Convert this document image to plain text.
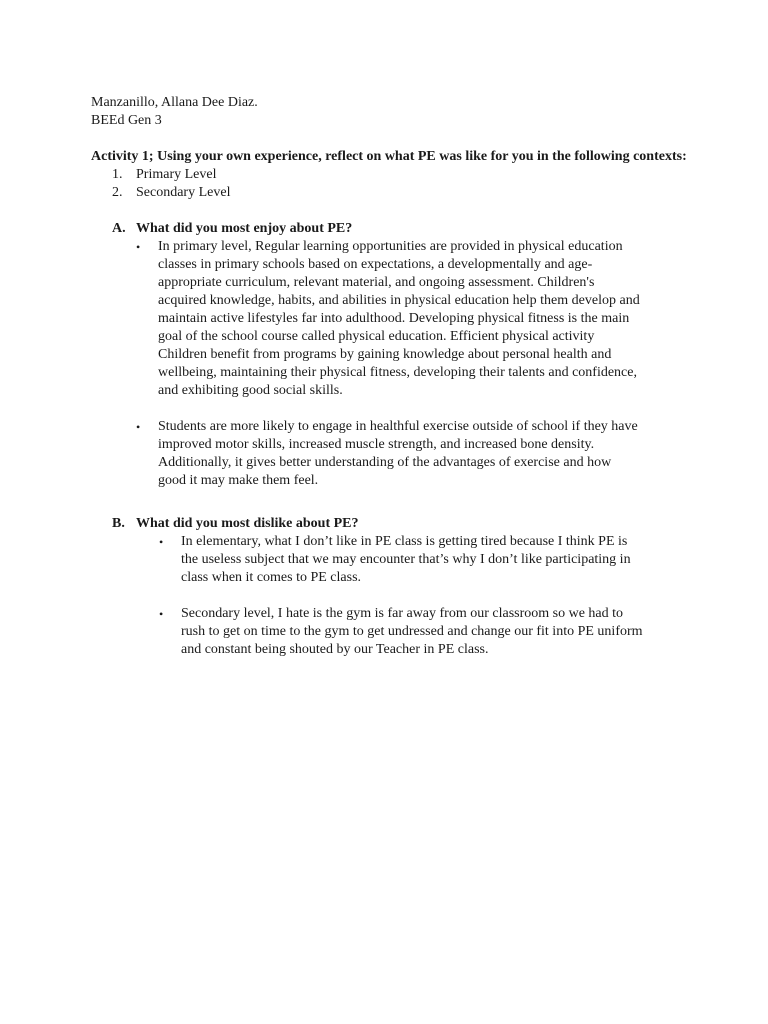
Manzanillo, Allana Dee Diaz.

BEEd Gen 3

Activity 1; Using your own experience, reflect on what PE was like for you in the following contexts:

1. Primary Level
2. Secondary Level
A. What did you most enjoy about PE?

• In primary level, Regular learning opportunities are provided in physical education
classes in primary schools based on expectations, a developmentally and age-
appropriate curriculum, relevant material, and ongoing assessment. Children's
acquired knowledge, habits, and abilities in physical education help them develop and
maintain active lifestyles far into adulthood. Developing physical fitness is the main
goal of the school course called physical education. Efficient physical activity
Children benefit from programs by gaining knowledge about personal health and
wellbeing, maintaining their physical fitness, developing their talents and confidence,
and exhibiting good social skills.
• Students are more likely to engage in healthful exercise outside of school if they have
improved motor skills, increased muscle strength, and increased bone density.
Additionally, it gives better understanding of the advantages of exercise and how
good it may make them feel.
B. What did you most dislike about PE?

• In elementary, what I don’t like in PE class is getting tired because I think PE is
the useless subject that we may encounter that’s why I don’t like participating in
class when it comes to PE class.
• Secondary level, I hate is the gym is far away from our classroom so we had to
rush to get on time to the gym to get undressed and change our fit into PE uniform
and constant being shouted by our Teacher in PE class.
